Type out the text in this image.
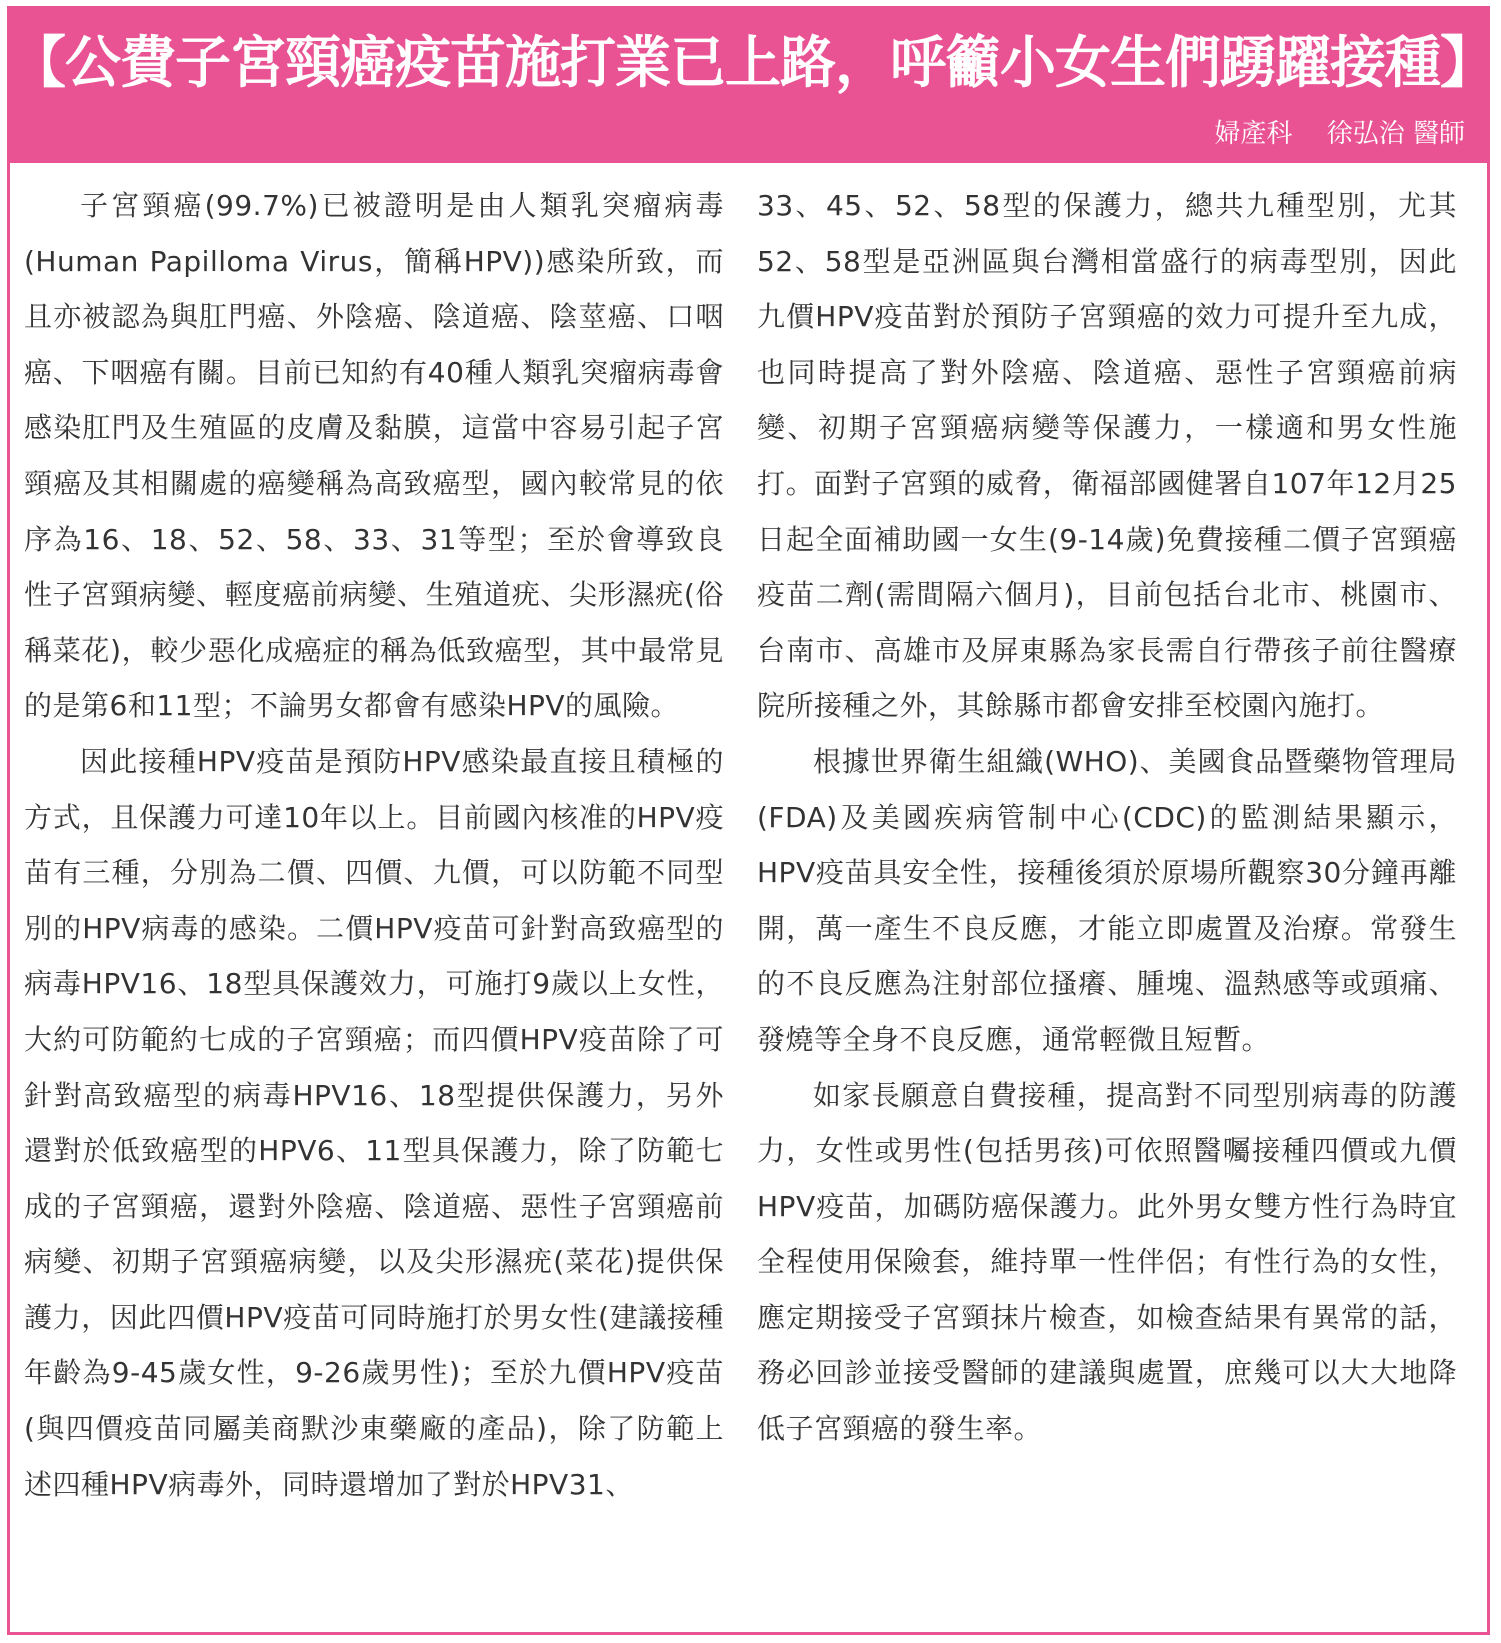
【公費子宮頸癌疫苗施打業已上路，呼籲小女生們踴躍接種】
婦產科 徐弘治 醫師

子宮頸癌(99.7%)已被證明是由人類乳突瘤病毒(Human Papilloma Virus，簡稱HPV))感染所致，而且亦被認為與肛門癌、外陰癌、陰道癌、陰莖癌、口咽癌、下咽癌有關。目前已知約有40種人類乳突瘤病毒會感染肛門及生殖區的皮膚及黏膜，這當中容易引起子宮頸癌及其相關處的癌變稱為高致癌型，國內較常見的依序為16、18、52、58、33、31等型；至於會導致良性子宮頸病變、輕度癌前病變、生殖道疣、尖形濕疣(俗稱菜花)，較少惡化成癌症的稱為低致癌型，其中最常見的是第6和11型；不論男女都會有感染HPV的風險。

因此接種HPV疫苗是預防HPV感染最直接且積極的方式，且保護力可達10年以上。目前國內核准的HPV疫苗有三種，分別為二價、四價、九價，可以防範不同型別的HPV病毒的感染。二價HPV疫苗可針對高致癌型的病毒HPV16、18型具保護效力，可施打9歲以上女性，大約可防範約七成的子宮頸癌；而四價HPV疫苗除了可針對高致癌型的病毒HPV16、18型提供保護力，另外還對於低致癌型的HPV6、11型具保護力，除了防範七成的子宮頸癌，還對外陰癌、陰道癌、惡性子宮頸癌前病變、初期子宮頸癌病變，以及尖形濕疣(菜花)提供保護力，因此四價HPV疫苗可同時施打於男女性(建議接種年齡為9-45歲女性，9-26歲男性)；至於九價HPV疫苗(與四價疫苗同屬美商默沙東藥廠的產品)，除了防範上述四種HPV病毒外，同時還增加了對於HPV31、

33、45、52、58型的保護力，總共九種型別，尤其52、58型是亞洲區與台灣相當盛行的病毒型別，因此九價HPV疫苗對於預防子宮頸癌的效力可提升至九成，也同時提高了對外陰癌、陰道癌、惡性子宮頸癌前病變、初期子宮頸癌病變等保護力，一樣適和男女性施打。面對子宮頸的威脅，衛福部國健署自107年12月25日起全面補助國一女生(9-14歲)免費接種二價子宮頸癌疫苗二劑(需間隔六個月)，目前包括台北市、桃園市、台南市、高雄市及屏東縣為家長需自行帶孩子前往醫療院所接種之外，其餘縣市都會安排至校園內施打。

根據世界衛生組織(WHO)、美國食品暨藥物管理局(FDA)及美國疾病管制中心(CDC)的監測結果顯示，HPV疫苗具安全性，接種後須於原場所觀察30分鐘再離開，萬一產生不良反應，才能立即處置及治療。常發生的不良反應為注射部位搔癢、腫塊、溫熱感等或頭痛、發燒等全身不良反應，通常輕微且短暫。

如家長願意自費接種，提高對不同型別病毒的防護力，女性或男性(包括男孩)可依照醫囑接種四價或九價HPV疫苗，加碼防癌保護力。此外男女雙方性行為時宜全程使用保險套，維持單一性伴侶；有性行為的女性，應定期接受子宮頸抹片檢查，如檢查結果有異常的話，務必回診並接受醫師的建議與處置，庶幾可以大大地降低子宮頸癌的發生率。
